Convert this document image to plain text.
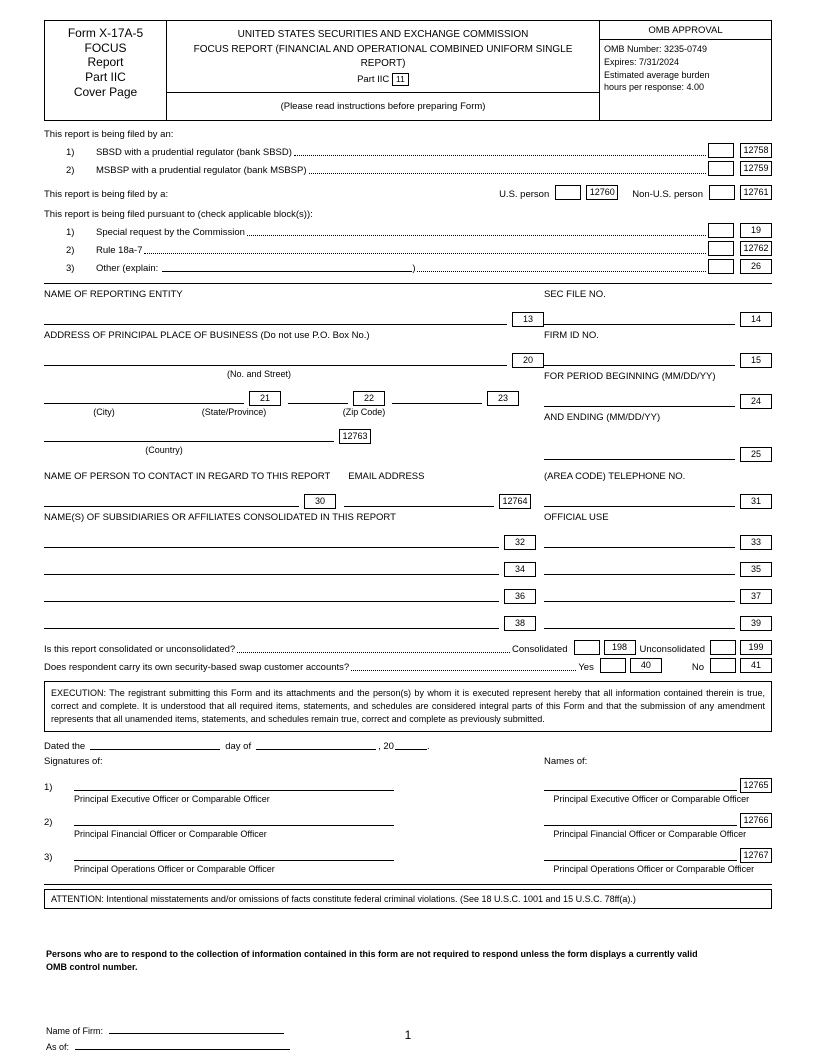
Form X-17A-5
FOCUS
Report
Part IIC
Cover Page
UNITED STATES SECURITIES AND EXCHANGE COMMISSION
FOCUS REPORT (FINANCIAL AND OPERATIONAL COMBINED UNIFORM SINGLE REPORT)
Part IIC 11
(Please read instructions before preparing Form)
OMB APPROVAL
OMB Number: 3235-0749
Expires: 7/31/2024
Estimated average burden
hours per response: 4.00
This report is being filed by an:
1)	SBSD with a prudential regulator (bank SBSD)	12758
2)	MSBSP with a prudential regulator (bank MSBSP)	12759
This report is being filed by a:	U.S. person	12760	Non-U.S. person	12761
This report is being filed pursuant to (check applicable block(s)):
1)	Special request by the Commission	19
2)	Rule 18a-7	12762
3)	Other (explain:	)	26
NAME OF REPORTING ENTITY
13
ADDRESS OF PRINCIPAL PLACE OF BUSINESS (Do not use P.O. Box No.)
20
(No. and Street)
21	22	23
(City)	(State/Province)	(Zip Code)
12763
(Country)
SEC FILE NO.
14
FIRM ID NO.
15
FOR PERIOD BEGINNING (MM/DD/YY)
24
AND ENDING (MM/DD/YY)
25
NAME OF PERSON TO CONTACT IN REGARD TO THIS REPORT EMAIL ADDRESS
30	12764
NAME(S) OF SUBSIDIARIES OR AFFILIATES CONSOLIDATED IN THIS REPORT
(AREA CODE) TELEPHONE NO.
31
OFFICIAL USE
32	33
34	35
36	37
38	39
Is this report consolidated or unconsolidated?	Consolidated	198	Unconsolidated	199
Does respondent carry its own security-based swap customer accounts?	Yes	40	No	41
EXECUTION: The registrant submitting this Form and its attachments and the person(s) by whom it is executed represent hereby that all information contained therein is true, correct and complete. It is understood that all required items, statements, and schedules are considered integral parts of this Form and that the submission of any amendment represents that all unamended items, statements, and schedules remain true, correct and complete as previously submitted.
Dated the	day of	, 20	.
Signatures of:	Names of:
1)	12765
Principal Executive Officer or Comparable Officer	Principal Executive Officer or Comparable Officer
2)	12766
Principal Financial Officer or Comparable Officer	Principal Financial Officer or Comparable Officer
3)	12767
Principal Operations Officer or Comparable Officer	Principal Operations Officer or Comparable Officer
ATTENTION: Intentional misstatements and/or omissions of facts constitute federal criminal violations. (See 18 U.S.C. 1001 and 15 U.S.C. 78ff(a).)
Persons who are to respond to the collection of information contained in this form are not required to respond unless the form displays a currently valid
OMB control number.
Name of Firm:
As of:
1
